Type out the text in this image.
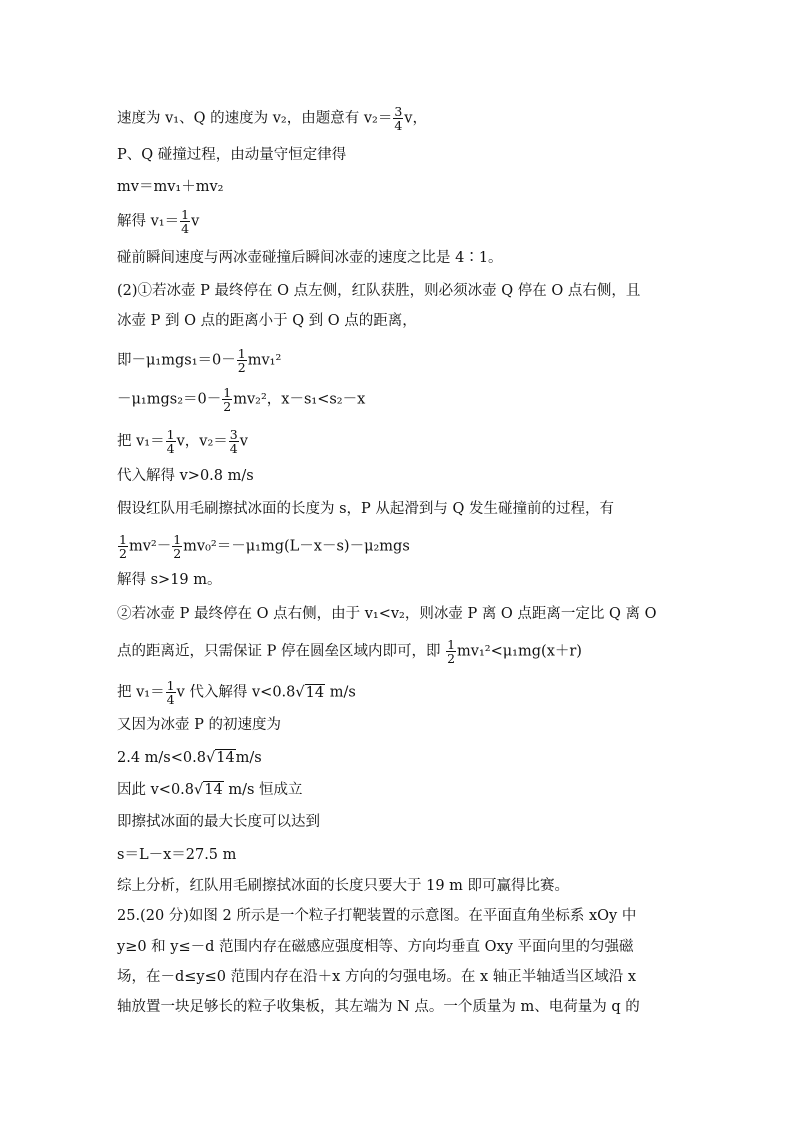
速度为 v₁、Q 的速度为 v₂，由题意有 $v_2= \frac{3}{4}$ v，
P、Q 碰撞过程，由动量守恒定律得
mv＝mv₁＋mv₂
解得 $v_1= \frac{1}{4}$ v
碰前瞬间速度与两冰壶碰撞后瞬间冰壶的速度之比是 4∶1。
(2)①若冰壶 P 最终停在 O 点左侧，红队获胜，则必须冰壶 Q 停在 O 点右侧，且
冰壶 P 到 O 点的距离小于 Q 到 O 点的距离，
即$-\mu_1mgs_1=0- \frac{1}{2} mv_1^2$
$-\mu_1mgs_2=0- \frac{1}{2} mv_2^2$，x－s₁<s₂－x
把 $v_1= \frac{1}{4}$ v，$v_2= \frac{3}{4}$ v
代入解得 v>0.8 m/s
假设红队用毛刷擦拭冰面的长度为 s，P 从起滑到与 Q 发生碰撞前的过程，有
$\frac{1}{2} mv^2- \frac{1}{2} mv_0^2=-\mu_1mg(L-x-s)-\mu_2mgs$
解得 s>19 m。
②若冰壶 P 最终停在 O 点右侧，由于 v₁<v₂，则冰壶 P 离 O 点距离一定比 Q 离 O
点的距离近，只需保证 P 停在圆垒区域内即可，即 $\frac{1}{2} mv_1^2<\mu_1mg(x+r)$
把 $v_1= \frac{1}{4}$ v 代入解得 v<0.8√14 m/s
又因为冰壶 P 的初速度为
2.4 m/s<0.8√14m/s
因此 v<0.8√14 m/s 恒成立
即擦拭冰面的最大长度可以达到
s＝L－x＝27.5 m
综上分析，红队用毛刷擦拭冰面的长度只要大于 19 m 即可赢得比赛。
25.(20 分)如图 2 所示是一个粒子打靶装置的示意图。在平面直角坐标系 xOy 中
y≥0 和 y≤－d 范围内存在磁感应强度相等、方向均垂直 Oxy 平面向里的匀强磁
场，在－d≤y≤0 范围内存在沿＋x 方向的匀强电场。在 x 轴正半轴适当区域沿 x
轴放置一块足够长的粒子收集板，其左端为 N 点。一个质量为 m、电荷量为 q 的
